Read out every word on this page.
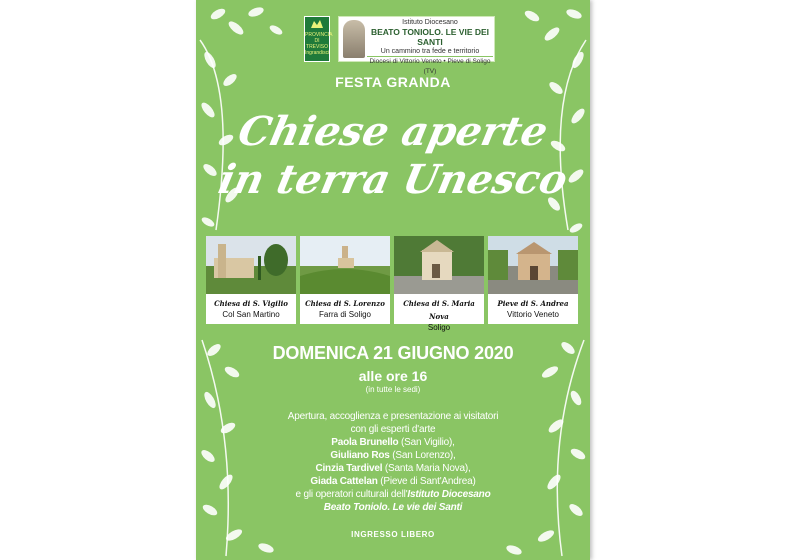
PROVINCIA DI TREVISO
Ingrandisci
Istituto Diocesano
BEATO TONIOLO. LE VIE DEI SANTI
Un cammino tra fede e territorio
Diocesi di Vittorio Veneto • Pieve di Soligo (TV)
FESTA GRANDA
Chiese aperte
in terra Unesco
Chiesa di S. Vigilio
Col San Martino
Chiesa di S. Lorenzo
Farra di Soligo
Chiesa di S. Maria Nova
Soligo
Pieve di S. Andrea
Vittorio Veneto
DOMENICA 21 GIUGNO 2020
alle ore 16
(in tutte le sedi)
Apertura, accoglienza e presentazione ai visitatori
con gli esperti d'arte
Paola Brunello (San Vigilio),
Giuliano Ros (San Lorenzo),
Cinzia Tardivel (Santa Maria Nova),
Giada Cattelan (Pieve di Sant'Andrea)
e gli operatori culturali dell'Istituto Diocesano
Beato Toniolo. Le vie dei Santi
INGRESSO LIBERO
